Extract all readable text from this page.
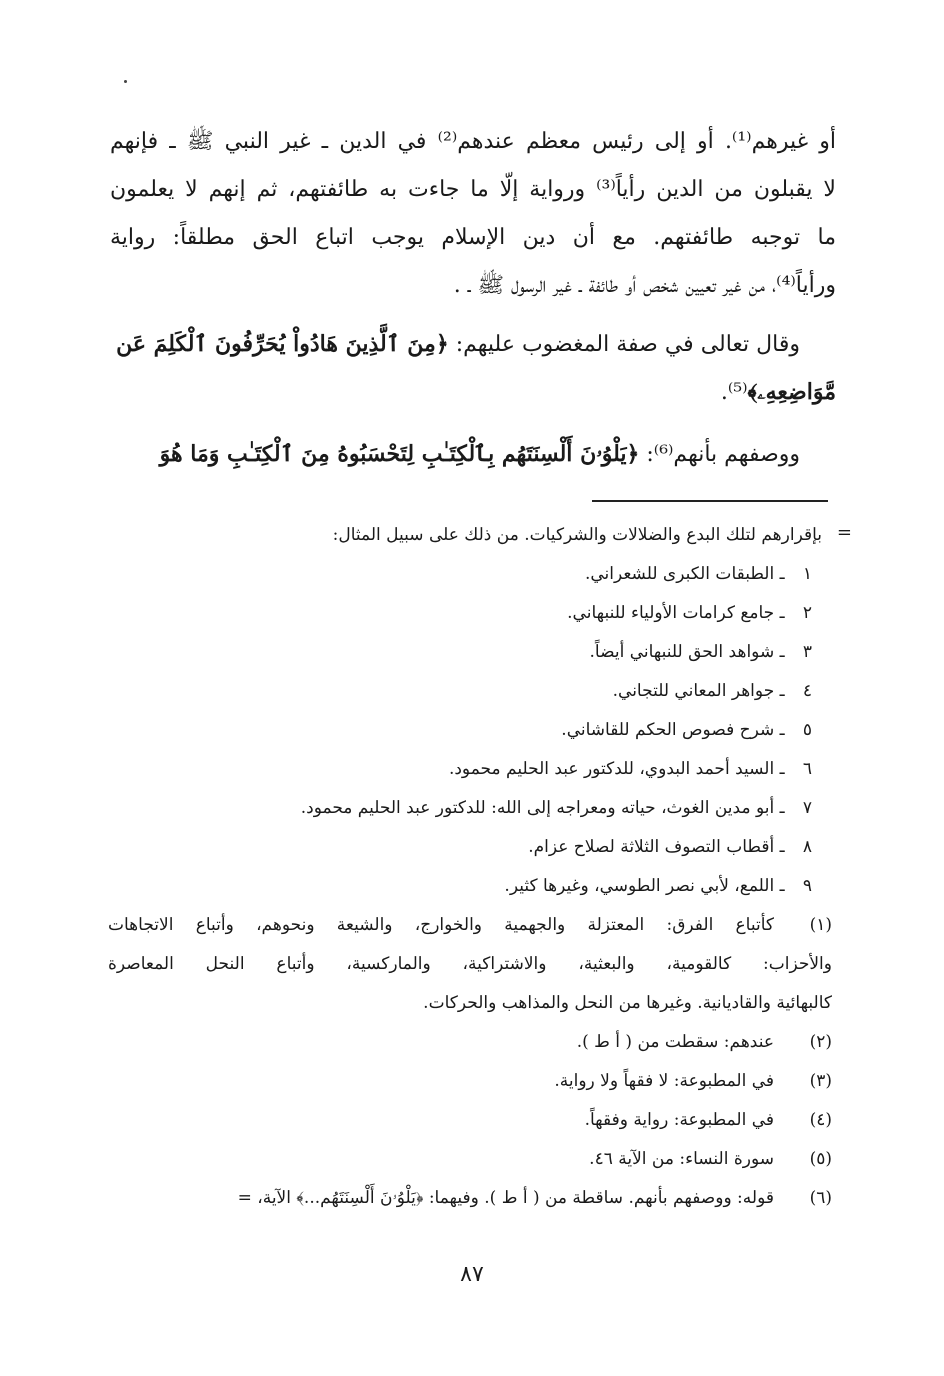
أو غيرهم⁽¹⁾. أو إلى رئيس معظم عندهم⁽²⁾ في الدين ـ غير النبي ﷺ ـ فإنهم
لا يقبلون من الدين رأياً⁽³⁾ ورواية إلّا ما جاءت به طائفتهم، ثم إنهم لا يعلمون
ما توجبه طائفتهم. مع أن دين الإسلام يوجب اتباع الحق مطلقاً: رواية
ورأياً⁽⁴⁾، من غير تعيين شخص أو طائفة ـ غير الرسول ﷺ ـ .
وقال تعالى في صفة المغضوب عليهم: ﴿مِنَ ٱلَّذِينَ هَادُواْ يُحَرِّفُونَ ٱلْكَلِمَ عَن
مَّوَاضِعِهِۦ﴾⁽⁵⁾.
ووصفهم بأنهم⁽⁶⁾: ﴿يَلْوُۥنَ أَلْسِنَتَهُم بِٱلْكِتَـٰبِ لِتَحْسَبُوهُ مِنَ ٱلْكِتَـٰبِ وَمَا هُوَ
=
بإقرارهم لتلك البدع والضلالات والشركيات. من ذلك على سبيل المثال:
١ ـ الطبقات الكبرى للشعراني.
٢ ـ جامع كرامات الأولياء للنبهاني.
٣ ـ شواهد الحق للنبهاني أيضاً.
٤ ـ جواهر المعاني للتجاني.
٥ ـ شرح فصوص الحكم للقاشاني.
٦ ـ السيد أحمد البدوي، للدكتور عبد الحليم محمود.
٧ ـ أبو مدين الغوث، حياته ومعراجه إلى الله: للدكتور عبد الحليم محمود.
٨ ـ أقطاب التصوف الثلاثة لصلاح عزام.
٩ ـ اللمع، لأبي نصر الطوسي، وغيرها كثير.
(١)
كأتباع الفرق: المعتزلة والجهمية والخوارج، والشيعة ونحوهم، وأتباع الاتجاهات
والأحزاب: كالقومية، والبعثية، والاشتراكية، والماركسية، وأتباع النحل المعاصرة
كالبهائية والقاديانية. وغيرها من النحل والمذاهب والحركات.
(٢)
عندهم: سقطت من ( أ ط ).
(٣)
في المطبوعة: لا فقهاً ولا رواية.
(٤)
في المطبوعة: رواية وفقهاً.
(٥)
سورة النساء: من الآية ٤٦.
(٦)
قوله: ووصفهم بأنهم. ساقطة من ( أ ط ). وفيهما: ﴿يَلْوُۥنَ أَلْسِنَتَهُم...﴾ الآية، =
٨٧
